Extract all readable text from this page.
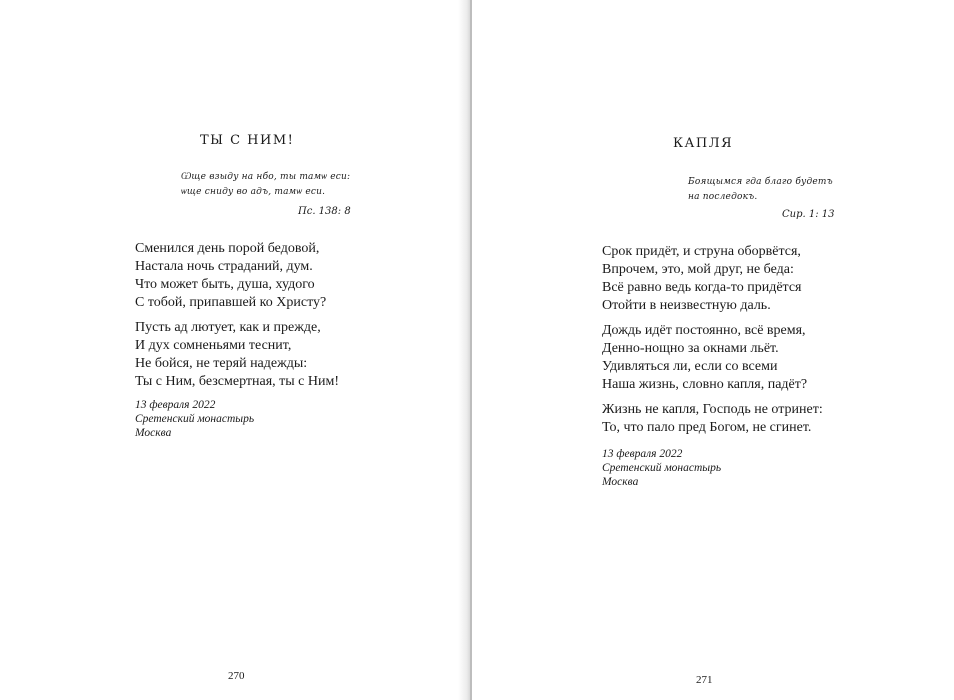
ТЫ С НИМ!
Ѡще взыду на нбо, ты тамѡ еси:
ѡще сниду во адъ, тамѡ еси.
Пс. 138: 8
Сменился день порой бедовой,
Настала ночь страданий, дум.
Что может быть, душа, худого
С тобой, припавшей ко Христу?
Пусть ад лютует, как и прежде,
И дух сомненьями теснит,
Не бойся, не теряй надежды:
Ты с Ним, безсмертная, ты с Ним!
13 февраля 2022
Сретенский монастырь
Москва
270
КАПЛЯ
Боящымся гда благо будетъ
на последокъ.
Сир. 1: 13
Срок придёт, и струна оборвётся,
Впрочем, это, мой друг, не беда:
Всё равно ведь когда-то придётся
Отойти в неизвестную даль.
Дождь идёт постоянно, всё время,
Денно-нощно за окнами льёт.
Удивляться ли, если со всеми
Наша жизнь, словно капля, падёт?
Жизнь не капля, Господь не отринет:
То, что пало пред Богом, не сгинет.
13 февраля 2022
Сретенский монастырь
Москва
271
